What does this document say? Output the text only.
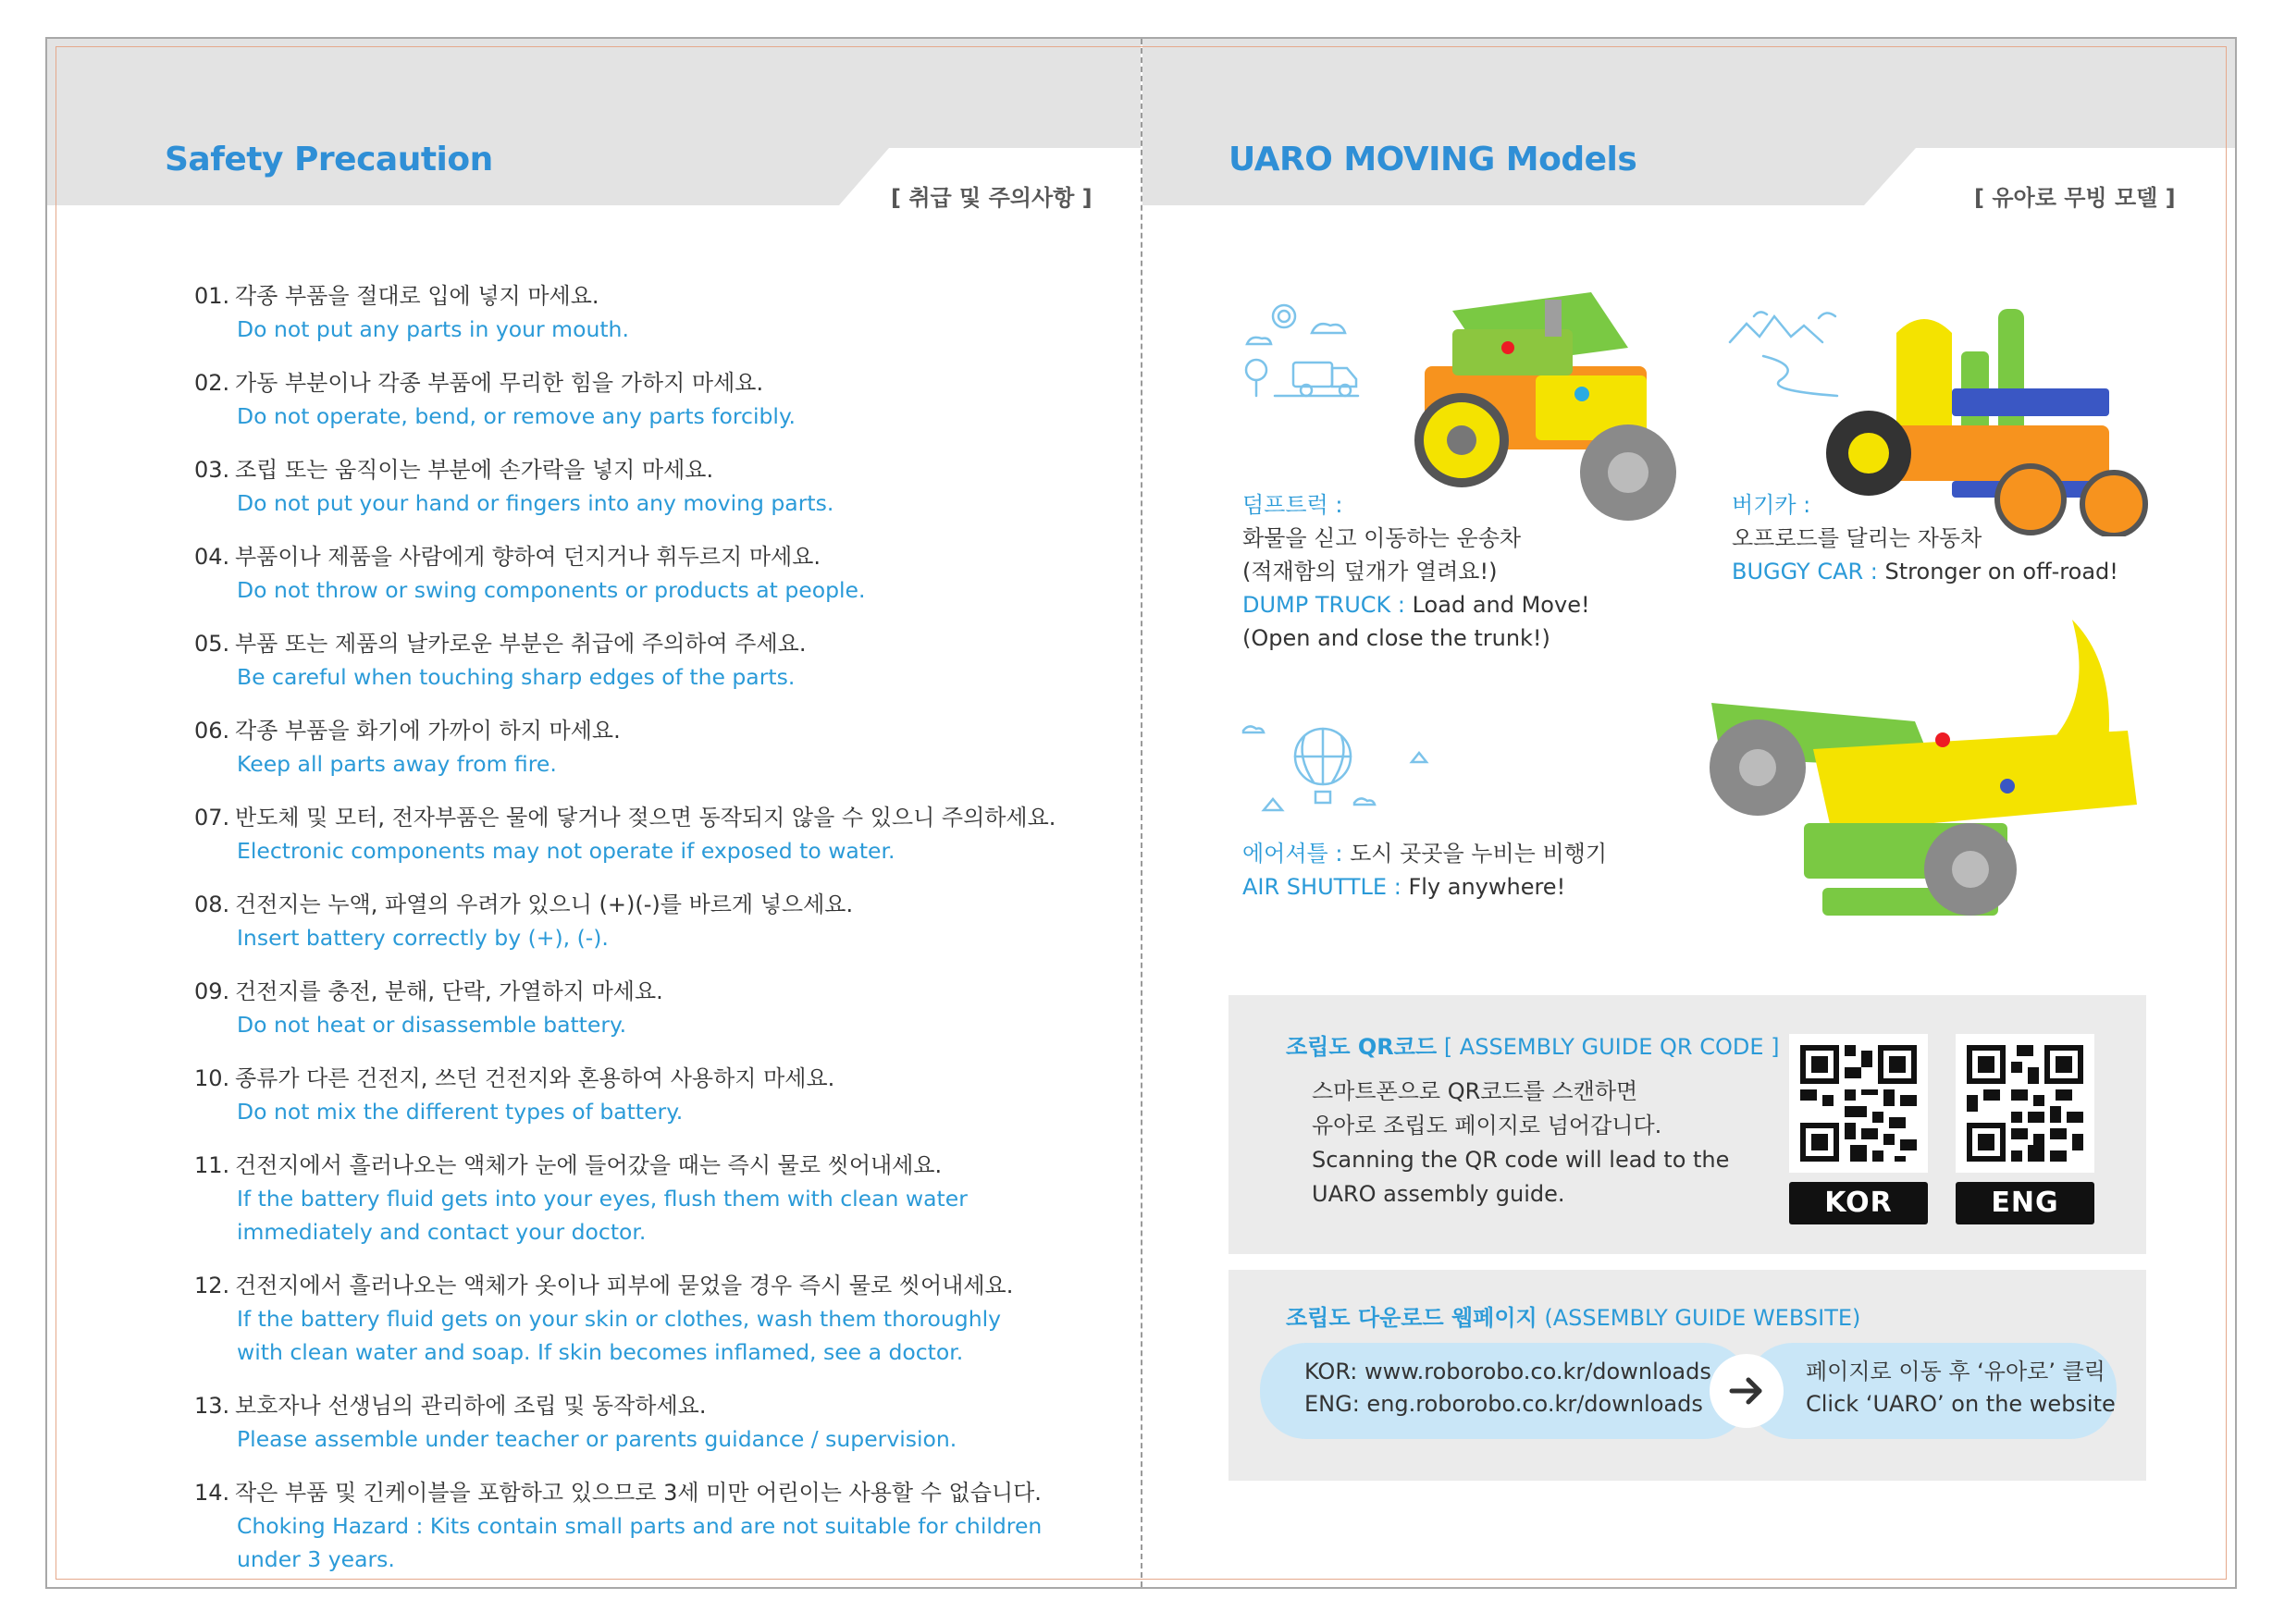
Safety Precaution
[ 취급 및 주의사항 ]
UARO MOVING Models
[ 유아로 무빙 모델 ]
01. 각종 부품을 절대로 입에 넣지 마세요.
Do not put any parts in your mouth.
02. 가동 부분이나 각종 부품에 무리한 힘을 가하지 마세요.
Do not operate, bend, or remove any parts forcibly.
03. 조립 또는 움직이는 부분에 손가락을 넣지 마세요.
Do not put your hand or fingers into any moving parts.
04. 부품이나 제품을 사람에게 향하여 던지거나 휘두르지 마세요.
Do not throw or swing components or products at people.
05. 부품 또는 제품의 날카로운 부분은 취급에 주의하여 주세요.
Be careful when touching sharp edges of the parts.
06. 각종 부품을 화기에 가까이 하지 마세요.
Keep all parts away from fire.
07. 반도체 및 모터, 전자부품은 물에 닿거나 젖으면 동작되지 않을 수 있으니 주의하세요.
Electronic components may not operate if exposed to water.
08. 건전지는 누액, 파열의 우려가 있으니 (+)(-)를 바르게 넣으세요.
Insert battery correctly by (+), (-).
09. 건전지를 충전, 분해, 단락, 가열하지 마세요.
Do not heat or disassemble battery.
10. 종류가 다른 건전지, 쓰던 건전지와 혼용하여 사용하지 마세요.
Do not mix the different types of battery.
11. 건전지에서 흘러나오는 액체가 눈에 들어갔을 때는 즉시 물로 씻어내세요.
If the battery fluid gets into your eyes, flush them with clean water
immediately and contact your doctor.
12. 건전지에서 흘러나오는 액체가 옷이나 피부에 묻었을 경우 즉시 물로 씻어내세요.
If the battery fluid gets on your skin or clothes, wash them thoroughly
with clean water and soap. If skin becomes inflamed, see a doctor.
13. 보호자나 선생님의 관리하에 조립 및 동작하세요.
Please assemble under teacher or parents guidance / supervision.
14. 작은 부품 및 긴케이블을 포함하고 있으므로 3세 미만 어린이는 사용할 수 없습니다.
Choking Hazard : Kits contain small parts and are not suitable for children
under 3 years.
덤프트럭 :
화물을 싣고 이동하는 운송차
(적재함의 덮개가 열려요!)
DUMP TRUCK : Load and Move!
(Open and close the trunk!)
버기카 :
오프로드를 달리는 자동차
BUGGY CAR : Stronger on off-road!
에어셔틀 : 도시 곳곳을 누비는 비행기
AIR SHUTTLE : Fly anywhere!
조립도 QR코드 [ ASSEMBLY GUIDE QR CODE ]
스마트폰으로 QR코드를 스캔하면
유아로 조립도 페이지로 넘어갑니다.
Scanning the QR code will lead to the
UARO assembly guide.	KOR	ENG
조립도 다운로드 웹페이지 (ASSEMBLY GUIDE WEBSITE)
KOR: www.roborobo.co.kr/downloads
ENG: eng.roborobo.co.kr/downloads
페이지로 이동 후 ‘유아로’ 클릭
Click ‘UARO’ on the website
